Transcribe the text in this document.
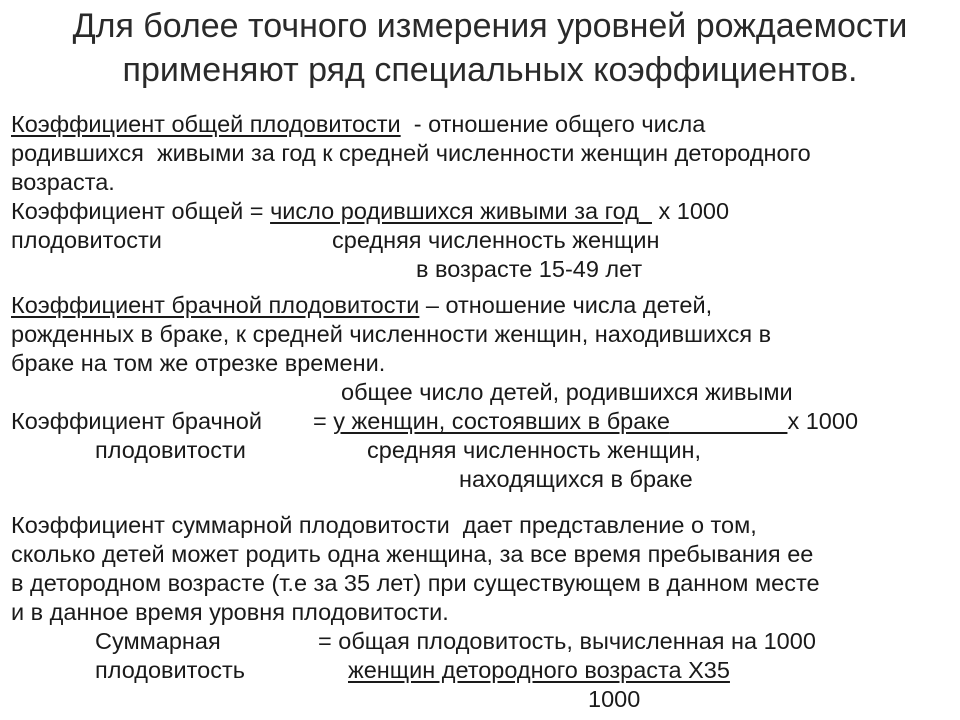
Для более точного измерения уровней рождаемости
применяют ряд специальных коэффициентов.
Коэффициент общей плодовитости  - отношение общего числа
родившихся  живыми за год к средней численности женщин детородного
возраста.
Коэффициент общей = число родившихся живыми за год х 1000
плодовитости	средняя численность женщин
в возрасте 15-49 лет
Коэффициент брачной плодовитости – отношение числа детей,
рожденных в браке, к средней численности женщин, находившихся в
браке на том же отрезке времени.
общее число детей, родившихся живыми
Коэффициент брачной = у женщин, состоявших в браке	х 1000
плодовитости	средняя численность женщин,
находящихся в браке
Коэффициент суммарной плодовитости  дает представление о том,
сколько детей может родить одна женщина, за все время пребывания ее
в детородном возрасте (т.е за 35 лет) при существующем в данном месте
и в данное время уровня плодовитости.
Суммарная	= общая плодовитость, вычисленная на 1000
плодовитость	женщин детородного возраста Х35
1000
